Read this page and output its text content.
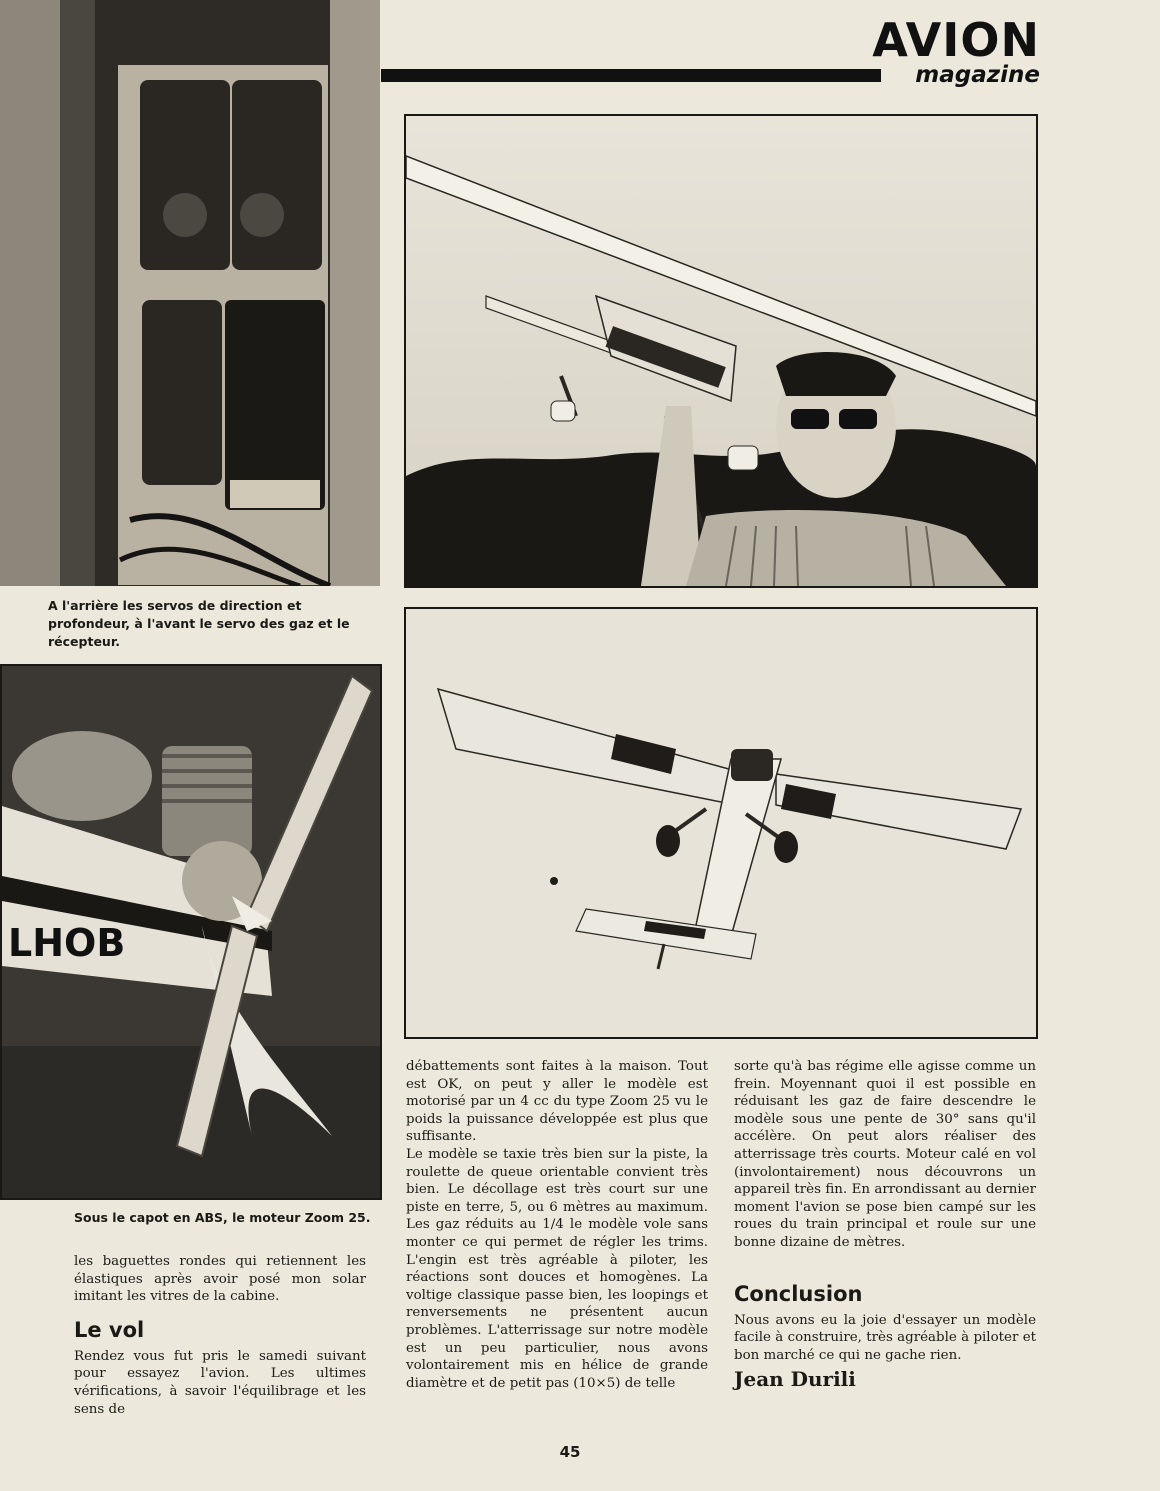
AVION
magazine
A l'arrière les servos de direction et profondeur, à l'avant le servo des gaz et le récepteur.
LHOB
Sous le capot en ABS, le moteur Zoom 25.

les baguettes rondes qui retiennent les élastiques après avoir posé mon solar imitant les vitres de la cabine.

Le vol

Rendez vous fut pris le samedi suivant pour essayez l'avion. Les ultimes vérifications, à savoir l'équilibrage et les sens de

débattements sont faites à la maison. Tout est OK, on peut y aller le modèle est motorisé par un 4 cc du type Zoom 25 vu le poids la puissance développée est plus que suffisante.

Le modèle se taxie très bien sur la piste, la roulette de queue orientable convient très bien. Le décollage est très court sur une piste en terre, 5, ou 6 mètres au maximum. Les gaz réduits au 1/4 le modèle vole sans monter ce qui permet de régler les trims. L'engin est très agréable à piloter, les réactions sont douces et homogènes. La voltige classique passe bien, les loopings et renversements ne présentent aucun problèmes. L'atterrissage sur notre modèle est un peu particulier, nous avons volontairement mis en hélice de grande diamètre et de petit pas (10×5) de telle

sorte qu'à bas régime elle agisse comme un frein. Moyennant quoi il est possible en réduisant les gaz de faire descendre le modèle sous une pente de 30° sans qu'il accélère. On peut alors réaliser des atterrissage très courts. Moteur calé en vol (involontairement) nous découvrons un appareil très fin. En arrondissant au dernier moment l'avion se pose bien campé sur les roues du train principal et roule sur une bonne dizaine de mètres.

Conclusion

Nous avons eu la joie d'essayer un modèle facile à construire, très agréable à piloter et bon marché ce qui ne gache rien.

Jean Durili
45
